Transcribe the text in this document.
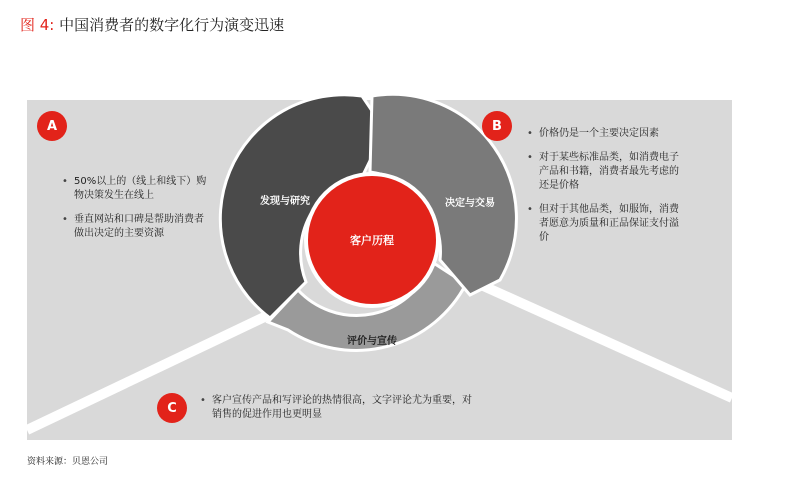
图 4: 中国消费者的数字化行为演变迅速
客户历程
发现与研究	决定与交易
评价与宣传
A	B
C
• 50%以上的（线上和线下）购物决策发生在线上
• 垂直网站和口碑是帮助消费者做出决定的主要资源
• 价格仍是一个主要决定因素
• 对于某些标准品类，如消费电子产品和书籍，消费者最先考虑的还是价格
• 但对于其他品类，如服饰，消费者愿意为质量和正品保证支付溢价
• 客户宣传产品和写评论的热情很高，文字评论尤为重要，对销售的促进作用也更明显
资料来源：贝恩公司
